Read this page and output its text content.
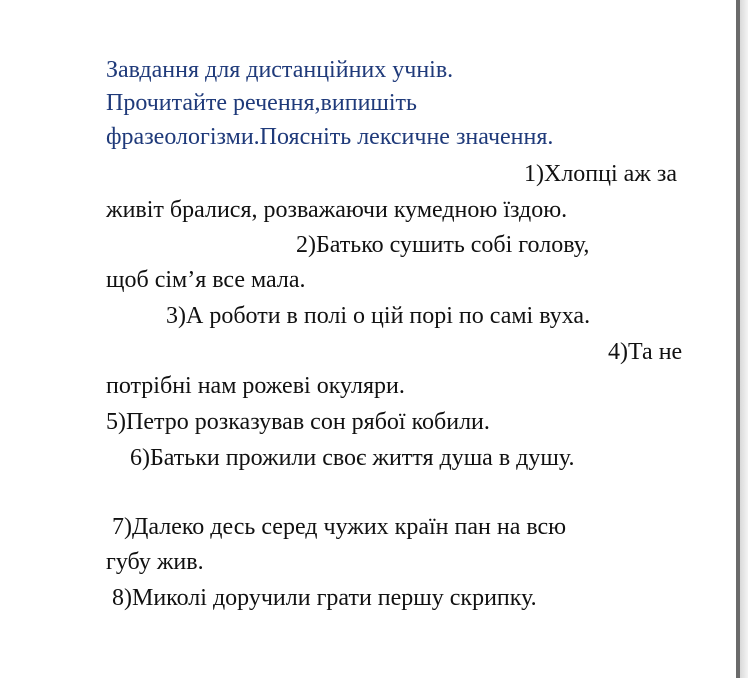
Завдання для дистанційних учнів.
Прочитайте речення,випишіть
фразеологізми.Поясніть лексичне значення.
1)Хлопці аж за
живіт бралися, розважаючи кумедною їздою.
2)Батько сушить собі голову,
щоб сім’я все мала.
3)А роботи в полі о цій порі по самі вуха.
4)Та не
потрібні нам рожеві окуляри.
5)Петро розказував сон рябої кобили.
6)Батьки прожили своє життя душа в душу.
7)Далеко десь серед чужих країн пан на всю
губу жив.
8)Миколі доручили грати першу скрипку.
